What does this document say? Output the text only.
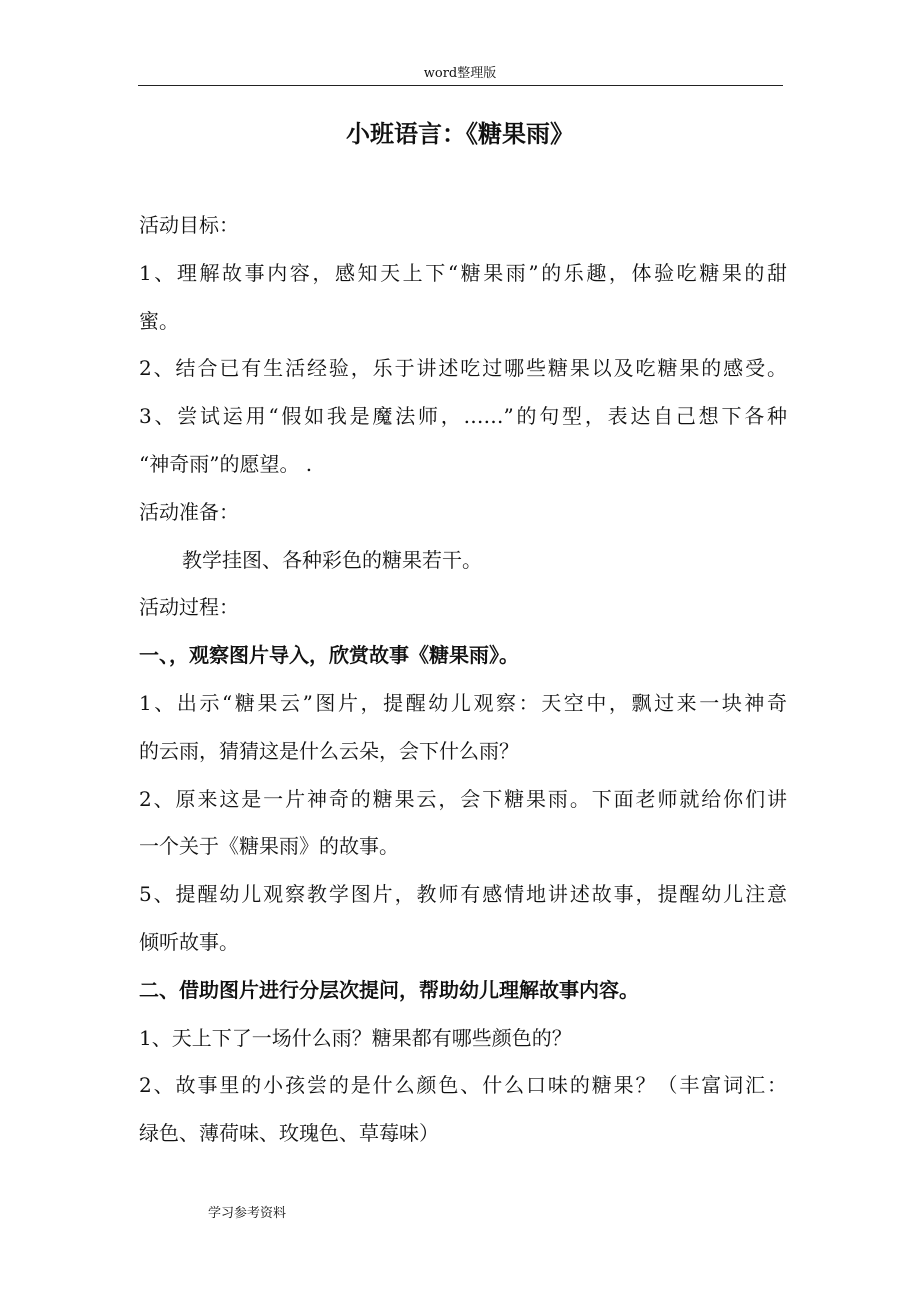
word整理版
小班语言：《糖果雨》
活动目标：
1、理解故事内容，感知天上下“糖果雨”的乐趣，体验吃糖果的甜
蜜。
2、结合已有生活经验，乐于讲述吃过哪些糖果以及吃糖果的感受。
3、尝试运用“假如我是魔法师，……”的句型，表达自己想下各种
“神奇雨”的愿望。 .
活动准备：
教学挂图、各种彩色的糖果若干。
活动过程：
一、，观察图片导入，欣赏故事《糖果雨》。
1、出示“糖果云”图片，提醒幼儿观察：天空中，飘过来一块神奇
的云雨，猜猜这是什么云朵，会下什么雨？
2、原来这是一片神奇的糖果云，会下糖果雨。下面老师就给你们讲
一个关于《糖果雨》的故事。
5、提醒幼儿观察教学图片，教师有感情地讲述故事，提醒幼儿注意
倾听故事。
二、借助图片进行分层次提问，帮助幼儿理解故事内容。
1、天上下了一场什么雨？糖果都有哪些颜色的？
2、故事里的小孩尝的是什么颜色、什么口味的糖果？（丰富词汇：
绿色、薄荷味、玫瑰色、草莓味）
学习参考资料
